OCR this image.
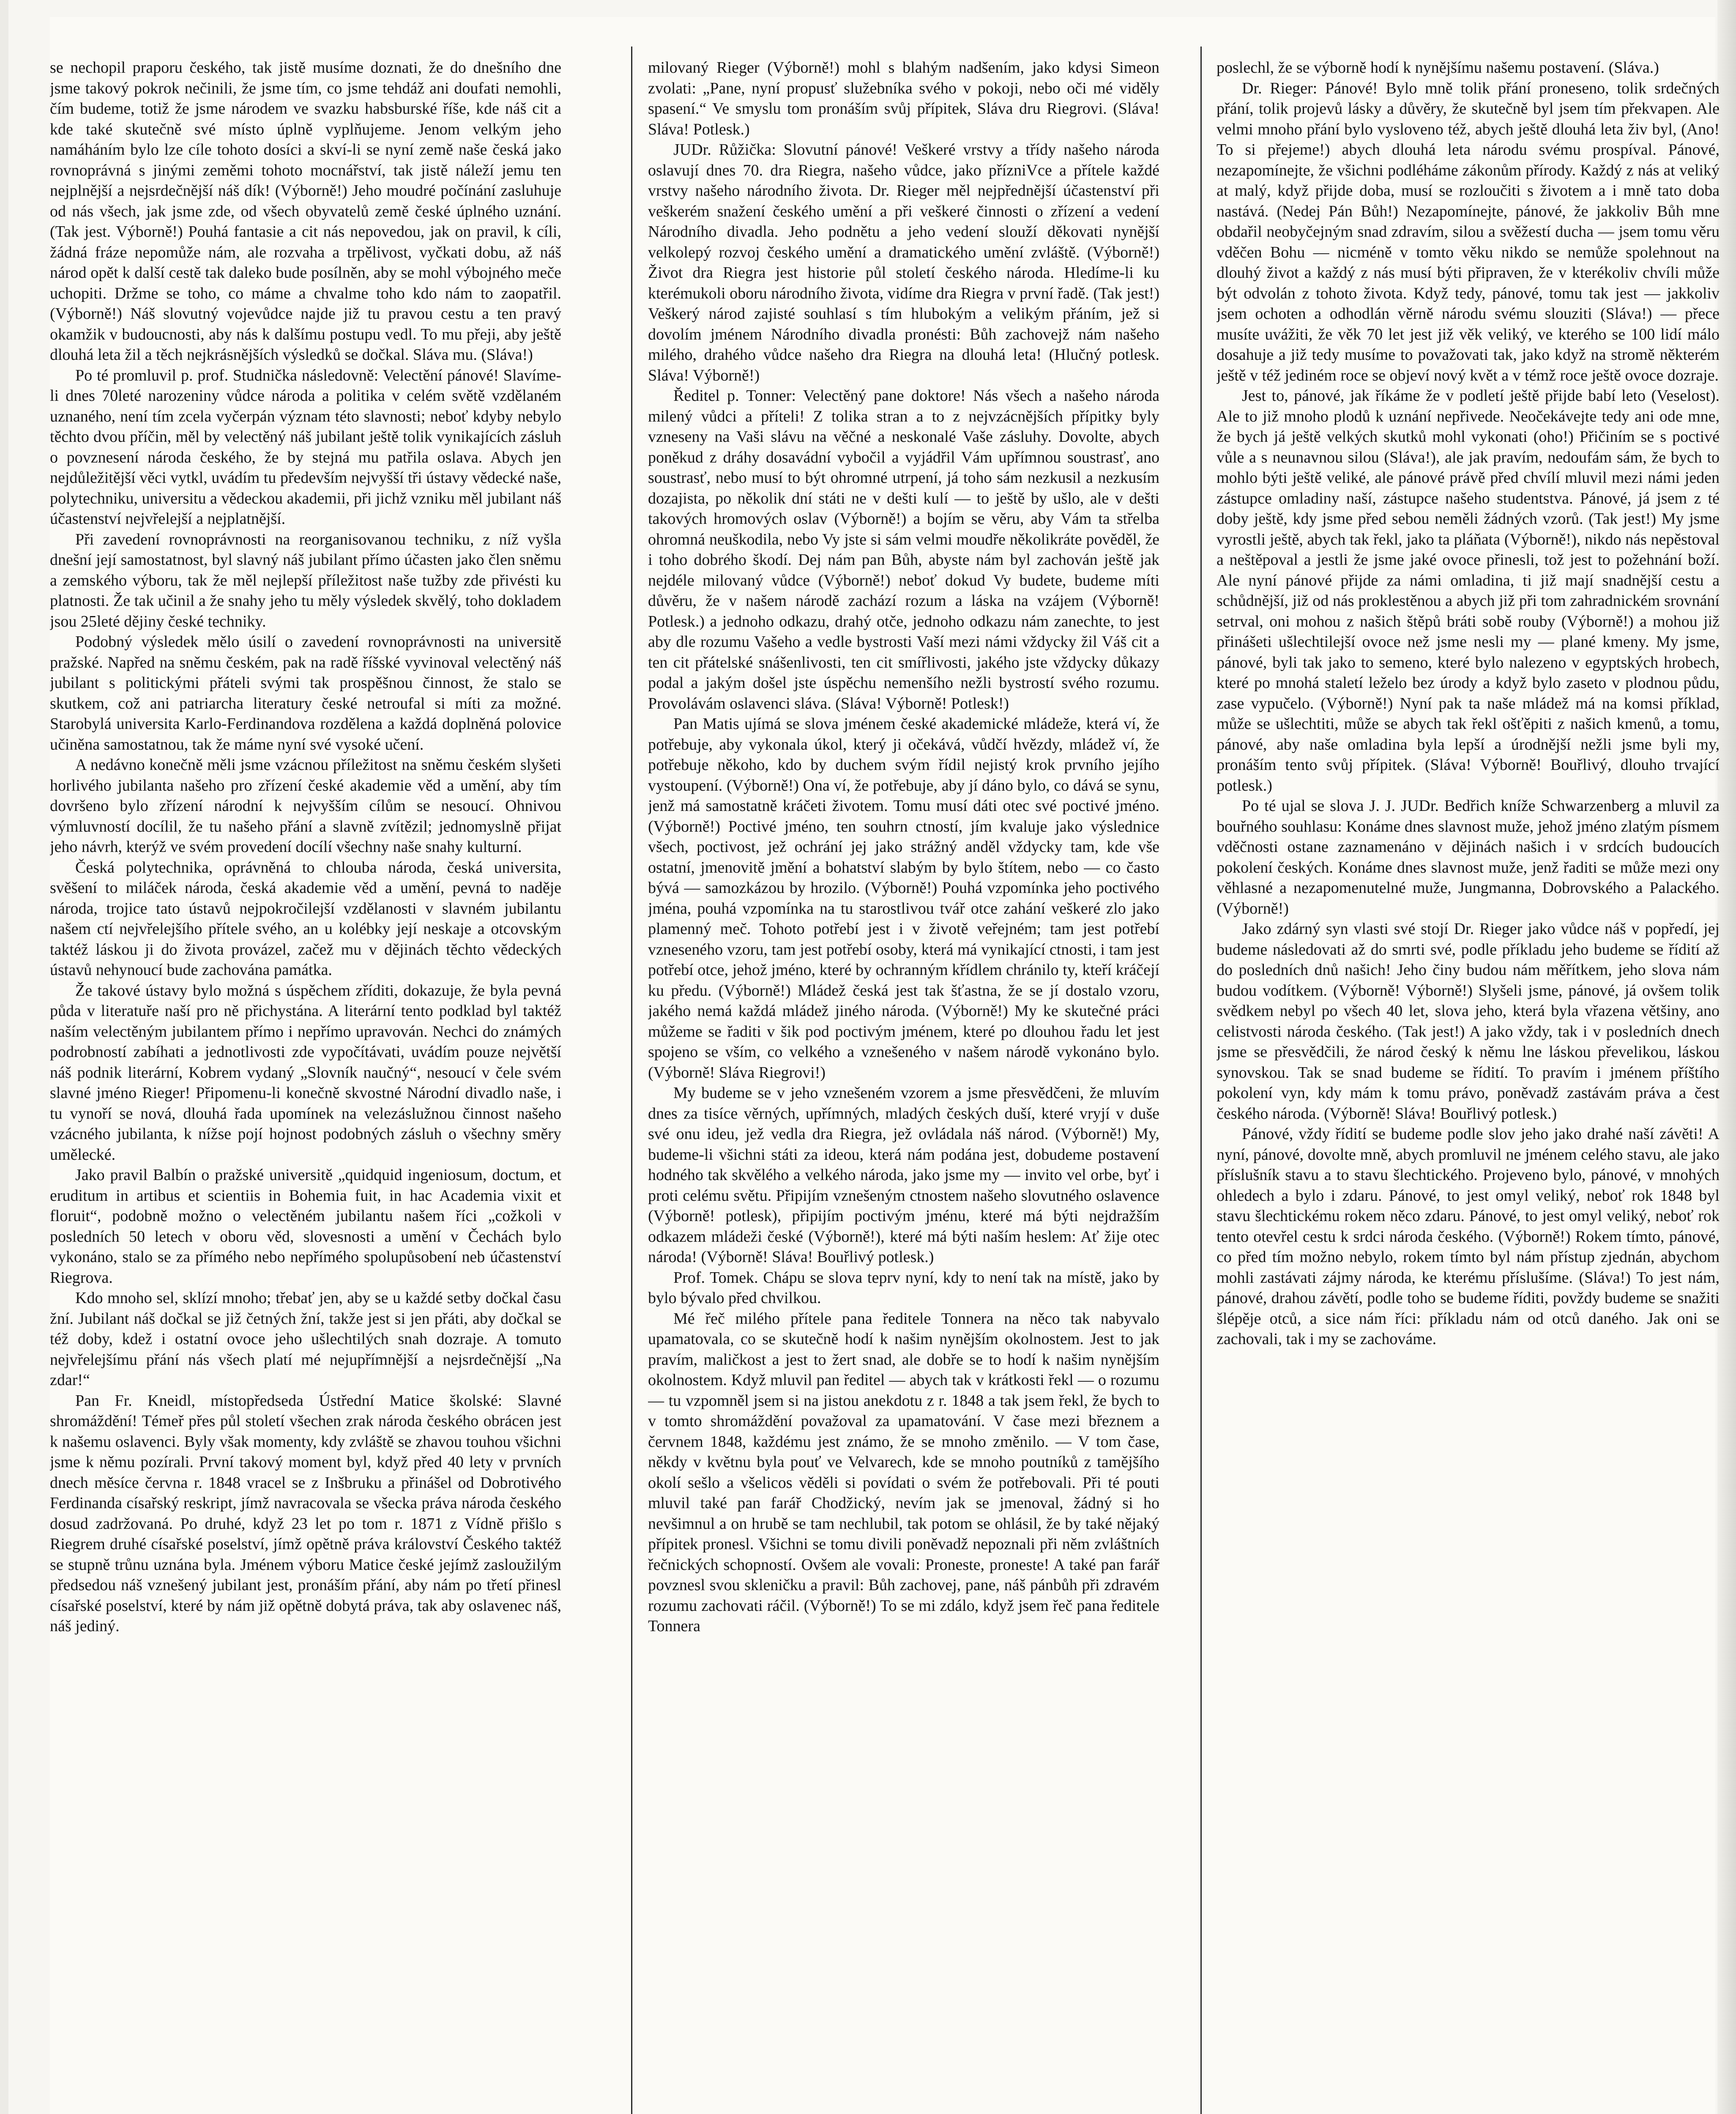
se nechopil praporu českého, tak jistě musíme doznati, že do dnešního dne jsme takový pokrok nečinili, že jsme tím, co jsme tehdáž ani doufati nemohli, čím budeme, totiž že jsme národem ve svazku habsburské říše, kde náš cit a kde také skutečně své místo úplně vyplňujeme. Jenom velkým jeho namáháním bylo lze cíle tohoto dosíci a skví-li se nyní země naše česká jako rovnoprávná s jinými zeměmi tohoto mocnářství, tak jistě náleží jemu ten nejplnější a nejsrdečnější náš dík! (Výborně!) Jeho moudré počínání zasluhuje od nás všech, jak jsme zde, od všech obyvatelů země české úplného uznání. (Tak jest. Výborně!) Pouhá fantasie a cit nás nepovedou, jak on pravil, k cíli, žádná fráze nepomůže nám, ale rozvaha a trpělivost, vyčkati dobu, až náš národ opět k další cestě tak daleko bude posílněn, aby se mohl výbojného meče uchopiti. Držme se toho, co máme a chvalme toho kdo nám to zaopatřil. (Výborně!) Náš slovutný vojevůdce najde již tu pravou cestu a ten pravý okamžik v budoucnosti, aby nás k dalšímu postupu vedl. To mu přeji, aby ještě dlouhá leta žil a těch nejkrásnějších výsledků se dočkal. Sláva mu. (Sláva!)

Po té promluvil p. prof. Studnička následovně: Velectění pánové! Slavíme-li dnes 70leté narozeniny vůdce národa a politika v celém světě vzdělaném uznaného, není tím zcela vyčerpán význam této slavnosti; neboť kdyby nebylo těchto dvou příčin, měl by velectěný náš jubilant ještě tolik vynikajících zásluh o povznesení národa českého, že by stejná mu patřila oslava. Abych jen nejdůležitější věci vytkl, uvádím tu především nejvyšší tři ústavy vědecké naše, polytechniku, universitu a vědeckou akademii, při jichž vzniku měl jubilant náš účastenství nejvřelejší a nejplatnější.

Při zavedení rovnoprávnosti na reorganisovanou techniku, z níž vyšla dnešní její samostatnost, byl slavný náš jubilant přímo účasten jako člen sněmu a zemského výboru, tak že měl nejlepší příležitost naše tužby zde přivésti ku platnosti. Že tak učinil a že snahy jeho tu měly výsledek skvělý, toho dokladem jsou 25leté dějiny české techniky.

Podobný výsledek mělo úsilí o zavedení rovnoprávnosti na universitě pražské. Napřed na sněmu českém, pak na radě říšské vyvinoval velectěný náš jubilant s politickými přáteli svými tak prospěšnou činnost, že stalo se skutkem, což ani patriarcha literatury české netroufal si míti za možné. Starobylá universita Karlo-Ferdinandova rozdělena a každá doplněná polovice učiněna samostatnou, tak že máme nyní své vysoké učení.

A nedávno konečně měli jsme vzácnou příležitost na sněmu českém slyšeti horlivého jubilanta našeho pro zřízení české akademie věd a umění, aby tím dovršeno bylo zřízení národní k nejvyšším cílům se nesoucí. Ohnivou výmluvností docílil, že tu našeho přání a slavně zvítězil; jednomyslně přijat jeho návrh, kterýž ve svém provedení docílí všechny naše snahy kulturní.

Česká polytechnika, oprávněná to chlouba národa, česká universita, svěšení to miláček národa, česká akademie věd a umění, pevná to naděje národa, trojice tato ústavů nejpokročilejší vzdělanosti v slavném jubilantu našem ctí nejvřelejšího přítele svého, an u kolébky její neskaje a otcovským taktéž láskou ji do života provázel, začež mu v dějinách těchto vědeckých ústavů nehynoucí bude zachována památka.

Že takové ústavy bylo možná s úspěchem zříditi, dokazuje, že byla pevná půda v literatuře naší pro ně přichystána. A literární tento podklad byl taktéž naším velectěným jubilantem přímo i nepřímo upravován. Nechci do známých podrobností zabíhati a jednotlivosti zde vypočítávati, uvádím pouze největší náš podnik literární, Kobrem vydaný „Slovník naučný“, nesoucí v čele svém slavné jméno Rieger! Připomenu-li konečně skvostné Národní divadlo naše, i tu vynoří se nová, dlouhá řada upomínek na velezáslužnou činnost našeho vzácného jubilanta, k nížse pojí hojnost podobných zásluh o všechny směry umělecké.

Jako pravil Balbín o pražské universitě „quidquid ingeniosum, doctum, et eruditum in artibus et scientiis in Bohemia fuit, in hac Academia vixit et floruit“, podobně možno o velectěném jubilantu našem říci „cožkoli v posledních 50 letech v oboru věd, slovesnosti a umění v Čechách bylo vykonáno, stalo se za přímého nebo nepřímého spolupůsobení neb účastenství Riegrova.

Kdo mnoho sel, sklízí mnoho; třebať jen, aby se u každé setby dočkal času žní. Jubilant náš dočkal se již četných žní, takže jest si jen přáti, aby dočkal se též doby, kdež i ostatní ovoce jeho ušlechtilých snah dozraje. A tomuto nejvřelejšímu přání nás všech platí mé nejupřímnější a nejsrdečnější „Na zdar!“

Pan Fr. Kneidl, místopředseda Ústřední Matice školské: Slavné shromáždění! Témeř přes půl století všechen zrak národa českého obrácen jest k našemu oslavenci. Byly však momenty, kdy zvláště se zhavou touhou všichni jsme k němu pozírali. První takový moment byl, když před 40 lety v prvních dnech měsíce června r. 1848 vracel se z Inšbruku a přinášel od Dobrotivého Ferdinanda císařský reskript, jímž navracovala se všecka práva národa českého dosud zadržovaná. Po druhé, když 23 let po tom r. 1871 z Vídně přišlo s Riegrem druhé císařské poselství, jímž opětně práva království Českého taktéž se stupně trůnu uznána byla. Jménem výboru Matice české jejímž zasloužilým předsedou náš vznešený jubilant jest, pronáším přání, aby nám po třetí přinesl císařské poselství, které by nám již opětně dobytá práva, tak aby oslavenec náš, náš jediný.

milovaný Rieger (Výborně!) mohl s blahým nadšením, jako kdysi Simeon zvolati: „Pane, nyní propusť služebníka svého v pokoji, nebo oči mé viděly spasení.“ Ve smyslu tom pronáším svůj přípitek, Sláva dru Riegrovi. (Sláva! Sláva! Potlesk.)

JUDr. Růžička: Slovutní pánové! Veškeré vrstvy a třídy našeho národa oslavují dnes 70. dra Riegra, našeho vůdce, jako přízniVce a přítele každé vrstvy našeho národního života. Dr. Rieger měl nejpřednější účastenství při veškerém snažení českého umění a při veškeré činnosti o zřízení a vedení Národního divadla. Jeho podnětu a jeho vedení slouží děkovati nynější velkolepý rozvoj českého umění a dramatického umění zvláště. (Výborně!) Život dra Riegra jest historie půl století českého národa. Hledíme-li ku kterémukoli oboru národního života, vidíme dra Riegra v první řadě. (Tak jest!) Veškerý národ zajisté souhlasí s tím hlubokým a velikým přáním, jež si dovolím jménem Národního divadla pronésti: Bůh zachovejž nám našeho milého, drahého vůdce našeho dra Riegra na dlouhá leta! (Hlučný potlesk. Sláva! Výborně!)

Ředitel p. Tonner: Velectěný pane doktore! Nás všech a našeho národa milený vůdci a příteli! Z tolika stran a to z nejvzácnějších přípitky byly vzneseny na Vaši slávu na věčné a neskonalé Vaše zásluhy. Dovolte, abych poněkud z dráhy dosavádní vybočil a vyjádřil Vám upřímnou soustrasť, ano soustrasť, nebo musí to být ohromné utrpení, já toho sám nezkusil a nezkusím dozajista, po několik dní státi ne v dešti kulí — to ještě by ušlo, ale v dešti takových hromových oslav (Výborně!) a bojím se věru, aby Vám ta střelba ohromná neuškodila, nebo Vy jste si sám velmi moudře několikráte pověděl, že i toho dobrého škodí. Dej nám pan Bůh, abyste nám byl zachován ještě jak nejdéle milovaný vůdce (Výborně!) neboť dokud Vy budete, budeme míti důvěru, že v našem národě zachází rozum a láska na vzájem (Výborně! Potlesk.) a jednoho odkazu, drahý otče, jednoho odkazu nám zanechte, to jest aby dle rozumu Vašeho a vedle bystrosti Vaší mezi námi vždycky žil Váš cit a ten cit přátelské snášenlivosti, ten cit smířlivosti, jakého jste vždycky důkazy podal a jakým došel jste úspěchu nemenšího nežli bystrostí svého rozumu. Provolávám oslavenci sláva. (Sláva! Výborně! Potlesk!)

Pan Matis ujímá se slova jménem české akademické mládeže, která ví, že potřebuje, aby vykonala úkol, který ji očekává, vůdčí hvězdy, mládež ví, že potřebuje někoho, kdo by duchem svým řídil nejistý krok prvního jejího vystoupení. (Výborně!) Ona ví, že potřebuje, aby jí dáno bylo, co dává se synu, jenž má samostatně kráčeti životem. Tomu musí dáti otec své poctivé jméno. (Výborně!) Poctivé jméno, ten souhrn ctností, jím kvaluje jako výslednice všech, poctivost, jež ochrání jej jako strážný anděl vždycky tam, kde vše ostatní, jmenovitě jmění a bohatství slabým by bylo štítem, nebo — co často bývá — samozkázou by hrozilo. (Výborně!) Pouhá vzpomínka jeho poctivého jména, pouhá vzpomínka na tu starostlivou tvář otce zahání veškeré zlo jako plamenný meč. Tohoto potřebí jest i v životě veřejném; tam jest potřebí vzneseného vzoru, tam jest potřebí osoby, která má vynikající ctnosti, i tam jest potřebí otce, jehož jméno, které by ochranným křídlem chránilo ty, kteří kráčejí ku předu. (Výborně!) Mládež česká jest tak šťastna, že se jí dostalo vzoru, jakého nemá každá mládež jiného národa. (Výborně!) My ke skutečné práci můžeme se řaditi v šik pod poctivým jménem, které po dlouhou řadu let jest spojeno se vším, co velkého a vznešeného v našem národě vykonáno bylo. (Výborně! Sláva Riegrovi!)

My budeme se v jeho vznešeném vzorem a jsme přesvědčeni, že mluvím dnes za tisíce věrných, upřímných, mladých českých duší, které vryjí v duše své onu ideu, jež vedla dra Riegra, jež ovládala náš národ. (Výborně!) My, budeme-li všichni státi za ideou, která nám podána jest, dobudeme postavení hodného tak skvělého a velkého národa, jako jsme my — invito vel orbe, byť i proti celému světu. Připijím vznešeným ctnostem našeho slovutného oslavence (Výborně! potlesk), připijím poctivým jménu, které má býti nejdražším odkazem mládeži české (Výborně!), které má býti naším heslem: Ať žije otec národa! (Výborně! Sláva! Bouřlivý potlesk.)

Prof. Tomek. Chápu se slova teprv nyní, kdy to není tak na místě, jako by bylo bývalo před chvilkou.

Mé řeč milého přítele pana ředitele Tonnera na něco tak nabyvalo upamatovala, co se skutečně hodí k našim nynějším okolnostem. Jest to jak pravím, maličkost a jest to žert snad, ale dobře se to hodí k našim nynějším okolnostem. Když mluvil pan ředitel — abych tak v krátkosti řekl — o rozumu — tu vzpomněl jsem si na jistou anekdotu z r. 1848 a tak jsem řekl, že bych to v tomto shromáždění považoval za upamatování. V čase mezi březnem a červnem 1848, každému jest známo, že se mnoho změnilo. — V tom čase, někdy v květnu byla pouť ve Velvarech, kde se mnoho poutníků z tamějšího okolí sešlo a všelicos věděli si povídati o svém že potřebovali. Při té pouti mluvil také pan farář Chodžický, nevím jak se jmenoval, žádný si ho nevšimnul a on hrubě se tam nechlubil, tak potom se ohlásil, že by také nějaký přípitek pronesl. Všichni se tomu divili poněvadž nepoznali při něm zvláštních řečnických schopností. Ovšem ale vovali: Proneste, proneste! A také pan farář povznesl svou skleničku a pravil: Bůh zachovej, pane, náš pánbůh při zdravém rozumu zachovati ráčil. (Výborně!) To se mi zdálo, když jsem řeč pana ředitele Tonnera

poslechl, že se výborně hodí k nynějšímu našemu postavení. (Sláva.)

Dr. Rieger: Pánové! Bylo mně tolik přání proneseno, tolik srdečných přání, tolik projevů lásky a důvěry, že skutečně byl jsem tím překvapen. Ale velmi mnoho přání bylo vysloveno též, abych ještě dlouhá leta živ byl, (Ano! To si přejeme!) abych dlouhá leta národu svému prospíval. Pánové, nezapomínejte, že všichni podléháme zákonům přírody. Každý z nás at veliký at malý, když přijde doba, musí se rozloučiti s životem a i mně tato doba nastává. (Nedej Pán Bůh!) Nezapomínejte, pánové, že jakkoliv Bůh mne obdařil neobyčejným snad zdravím, silou a svěžestí ducha — jsem tomu věru vděčen Bohu — nicméně v tomto věku nikdo se nemůže spolehnout na dlouhý život a každý z nás musí býti připraven, že v kterékoliv chvíli může být odvolán z tohoto života. Když tedy, pánové, tomu tak jest — jakkoliv jsem ochoten a odhodlán věrně národu svému slouziti (Sláva!) — přece musíte uvážiti, že věk 70 let jest již věk veliký, ve kterého se 100 lidí málo dosahuje a již tedy musíme to považovati tak, jako když na stromě některém ještě v též jediném roce se objeví nový květ a v témž roce ještě ovoce dozraje.

Jest to, pánové, jak říkáme že v podletí ještě přijde babí leto (Veselost). Ale to již mnoho plodů k uznání nepřivede. Neočekávejte tedy ani ode mne, že bych já ještě velkých skutků mohl vykonati (oho!) Přičiním se s poctivé vůle a s neunavnou silou (Sláva!), ale jak pravím, nedoufám sám, že bych to mohlo býti ještě veliké, ale pánové právě před chvílí mluvil mezi námi jeden zástupce omladiny naší, zástupce našeho studentstva. Pánové, já jsem z té doby ještě, kdy jsme před sebou neměli žádných vzorů. (Tak jest!) My jsme vyrostli ještě, abych tak řekl, jako ta pláňata (Výborně!), nikdo nás nepěstoval a neštěpoval a jestli že jsme jaké ovoce přinesli, tož jest to požehnání boží. Ale nyní pánové přijde za námi omladina, ti již mají snadnější cestu a schůdnější, již od nás proklestěnou a abych již při tom zahradnickém srovnání setrval, oni mohou z našich štěpů bráti sobě rouby (Výborně!) a mohou již přinášeti ušlechtilejší ovoce než jsme nesli my — plané kmeny. My jsme, pánové, byli tak jako to semeno, které bylo nalezeno v egyptských hrobech, které po mnohá staletí leželo bez úrody a když bylo zaseto v plodnou půdu, zase vypučelo. (Výborně!) Nyní pak ta naše mládež má na komsi příklad, může se ušlechtiti, může se abych tak řekl ošťěpiti z našich kmenů, a tomu, pánové, aby naše omladina byla lepší a úrodnější nežli jsme byli my, pronáším tento svůj přípitek. (Sláva! Výborně! Bouřlivý, dlouho trvající potlesk.)

Po té ujal se slova J. J. JUDr. Bedřich kníže Schwarzenberg a mluvil za bouřného souhlasu: Konáme dnes slavnost muže, jehož jméno zlatým písmem vděčnosti ostane zaznamenáno v dějinách našich i v srdcích budoucích pokolení českých. Konáme dnes slavnost muže, jenž řaditi se může mezi ony věhlasné a nezapomenutelné muže, Jungmanna, Dobrovského a Palackého. (Výborně!)

Jako zdárný syn vlasti své stojí Dr. Rieger jako vůdce náš v popředí, jej budeme následovati až do smrti své, podle příkladu jeho budeme se řídití až do posledních dnů našich! Jeho činy budou nám měřítkem, jeho slova nám budou vodítkem. (Výborně! Výborně!) Slyšeli jsme, pánové, já ovšem tolik svědkem nebyl po všech 40 let, slova jeho, která byla vřazena většiny, ano celistvosti národa českého. (Tak jest!) A jako vždy, tak i v posledních dnech jsme se přesvědčili, že národ český k němu lne láskou převelikou, láskou synovskou. Tak se snad budeme se řídití. To pravím i jménem příštího pokolení vyn, kdy mám k tomu právo, poněvadž zastávám práva a čest českého národa. (Výborně! Sláva! Bouřlivý potlesk.)

Pánové, vždy řídití se budeme podle slov jeho jako drahé naší závěti! A nyní, pánové, dovolte mně, abych promluvil ne jménem celého stavu, ale jako příslušník stavu a to stavu šlechtického. Projeveno bylo, pánové, v mnohých ohledech a bylo i zdaru. Pánové, to jest omyl veliký, neboť rok 1848 byl stavu šlechtickému rokem něco zdaru. Pánové, to jest omyl veliký, neboť rok tento otevřel cestu k srdci národa českého. (Výborně!) Rokem tímto, pánové, co před tím možno nebylo, rokem tímto byl nám přístup zjednán, abychom mohli zastávati zájmy národa, ke kterému příslušíme. (Sláva!) To jest nám, pánové, drahou závětí, podle toho se budeme říditi, povždy budeme se snažiti šlépěje otců, a sice nám říci: příkladu nám od otců daného. Jak oni se zachovali, tak i my se zachováme.
